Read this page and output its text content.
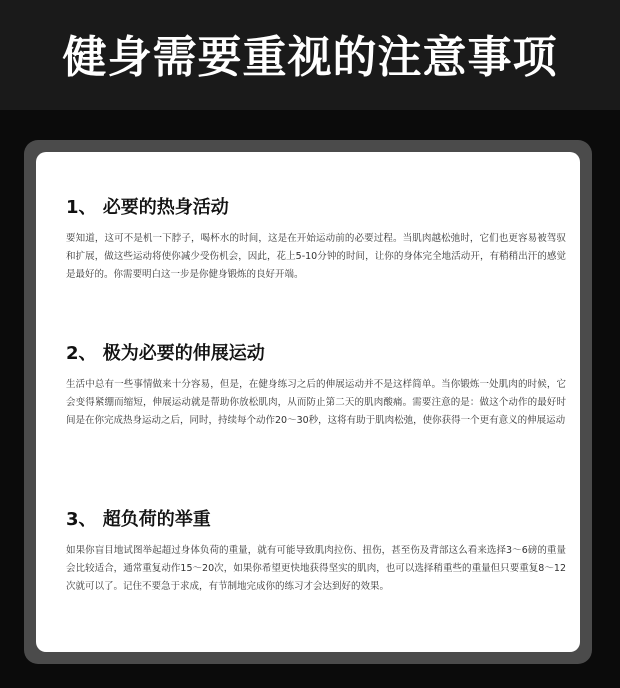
健身需要重视的注意事项
1、 必要的热身活动

要知道，这可不是机一下脖子，喝杯水的时间，这是在开始运动前的必要过程。当肌肉越松弛时，它们也更容易被驾驭和扩展，做这些运动将使你减少受伤机会，因此，花上5-10分钟的时间，让你的身体完全地活动开，有稍稍出汗的感觉是最好的。你需要明白这一步是你健身锻炼的良好开端。

2、 极为必要的伸展运动

生活中总有一些事情做来十分容易，但是，在健身练习之后的伸展运动并不是这样简单。当你锻炼一处肌肉的时候，它会变得紧绷而缩短，伸展运动就是帮助你放松肌肉，从而防止第二天的肌肉酸痛。需要注意的是：做这个动作的最好时间是在你完成热身运动之后，同时，持续每个动作20～30秒，这将有助于肌肉松弛，使你获得一个更有意义的伸展运动

3、 超负荷的举重

如果你盲目地试图举起超过身体负荷的重量，就有可能导致肌肉拉伤、扭伤，甚至伤及背部这么看来选择3～6磅的重量会比较适合，通常重复动作15～20次，如果你希望更快地获得坚实的肌肉，也可以选择稍重些的重量但只要重复8～12次就可以了。记住不要急于求成，有节制地完成你的练习才会达到好的效果。
